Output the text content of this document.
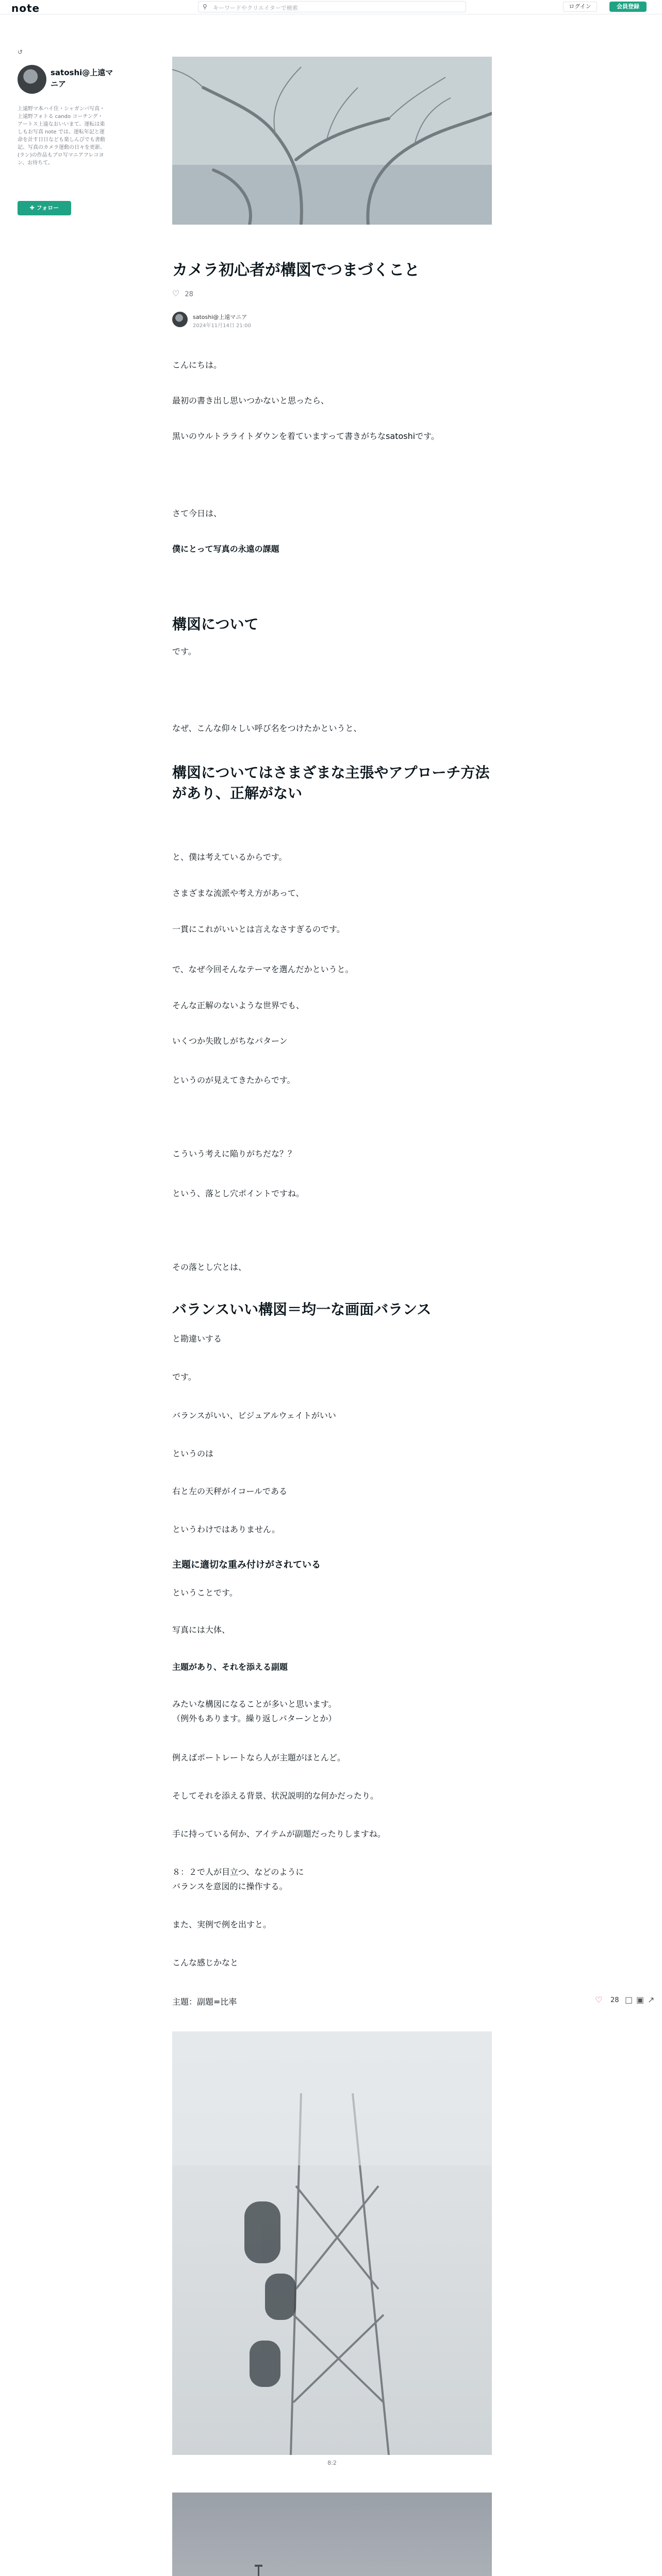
note	⚲ キーワードやクリエイターで検索	ログイン	会員登録
↺
satoshi@上遠マニア
上遠野マ本ハイ住・シャガンバ写真・上遠野フォトる cando コーチング・アートス上遠なおいいまて、運転は楽しもお写真 note では、運転年記と運命を計す日日なども楽しんびでも書動記、写真のカメラ運動の日々を更新、(ラン)の作品もブロ写マニアフレコヨン、お待ちて。
✚ フォロー
カメラ初心者が構図でつまづくこと
♡ 28
satoshi@上遠マニア
2024年11月14日 21:00
こんにちは。
最初の書き出し思いつかないと思ったら、
黒いのウルトラライトダウンを着ていますって書きがちなsatoshiです。
さて今日は、
僕にとって写真の永遠の課題
構図について
です。
なぜ、こんな仰々しい呼び名をつけたかというと、
構図についてはさまざまな主張やアプローチ方法があり、正解がない
と、僕は考えているからです。
さまざまな流派や考え方があって、
一貫にこれがいいとは言えなさすぎるのです。
で、なぜ今回そんなテーマを選んだかというと。
そんな正解のないような世界でも、
いくつか失敗しがちなパターン
というのが見えてきたからです。
こういう考えに陥りがちだな？？
という、落とし穴ポイントですね。
その落とし穴とは、
バランスいい構図＝均一な画面バランス
と勘違いする
です。
バランスがいい、ビジュアルウェイトがいい
というのは
右と左の天秤がイコールである
というわけではありません。
主題に適切な重み付けがされている
ということです。
写真には大体、
主題があり、それを添える副題
みたいな構図になることが多いと思います。
（例外もあります。繰り返しパターンとか）
例えばポートレートなら人が主題がほとんど。
そしてそれを添える背景、状況説明的な何かだったり。
手に持っている何か、アイテムが副題だったりしますね。
８：２で人が目立つ、などのように
バランスを意図的に操作する。
また、実例で例を出すと。
こんな感じかなと
主題：副題=比率
8:2
♡ 28 □ ▣ ↗
